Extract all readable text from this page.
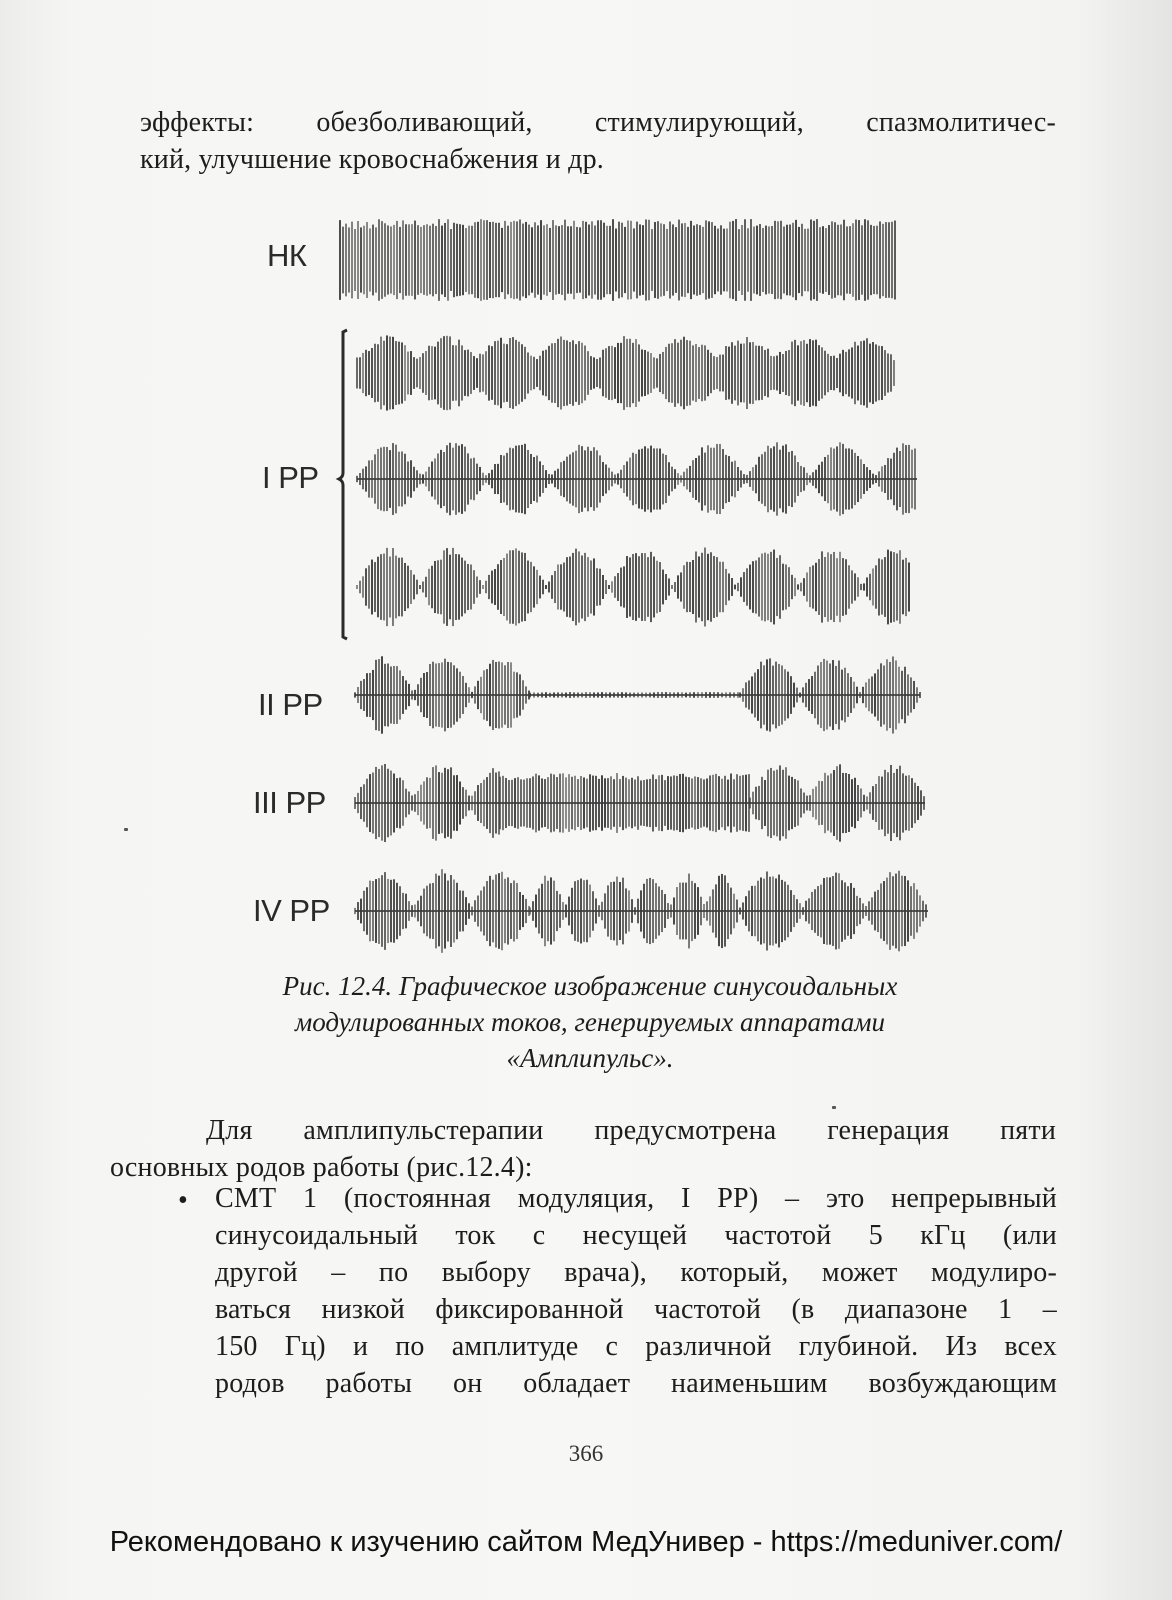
эффекты: обезболивающий, стимулирующий, спазмолитичес-
кий, улучшение кровоснабжения и др.
НК
I PP
II PP
III PP
IV PP
Рис. 12.4. Графическое изображение синусоидальных
модулированных токов, генерируемых аппаратами
«Амплипульс».
Для амплипульстерапии предусмотрена генерация пяти
основных родов работы (рис.12.4):
• СМТ 1 (постоянная модуляция, I PP) – это непрерывный
синусоидальный ток с несущей частотой 5 кГц (или
другой – по выбору врача), который, может модулиро-
ваться низкой фиксированной частотой (в диапазоне 1 –
150 Гц) и по амплитуде с различной глубиной. Из всех
родов работы он обладает наименьшим возбуждающим
366
Рекомендовано к изучению сайтом МедУнивер - https://meduniver.com/
